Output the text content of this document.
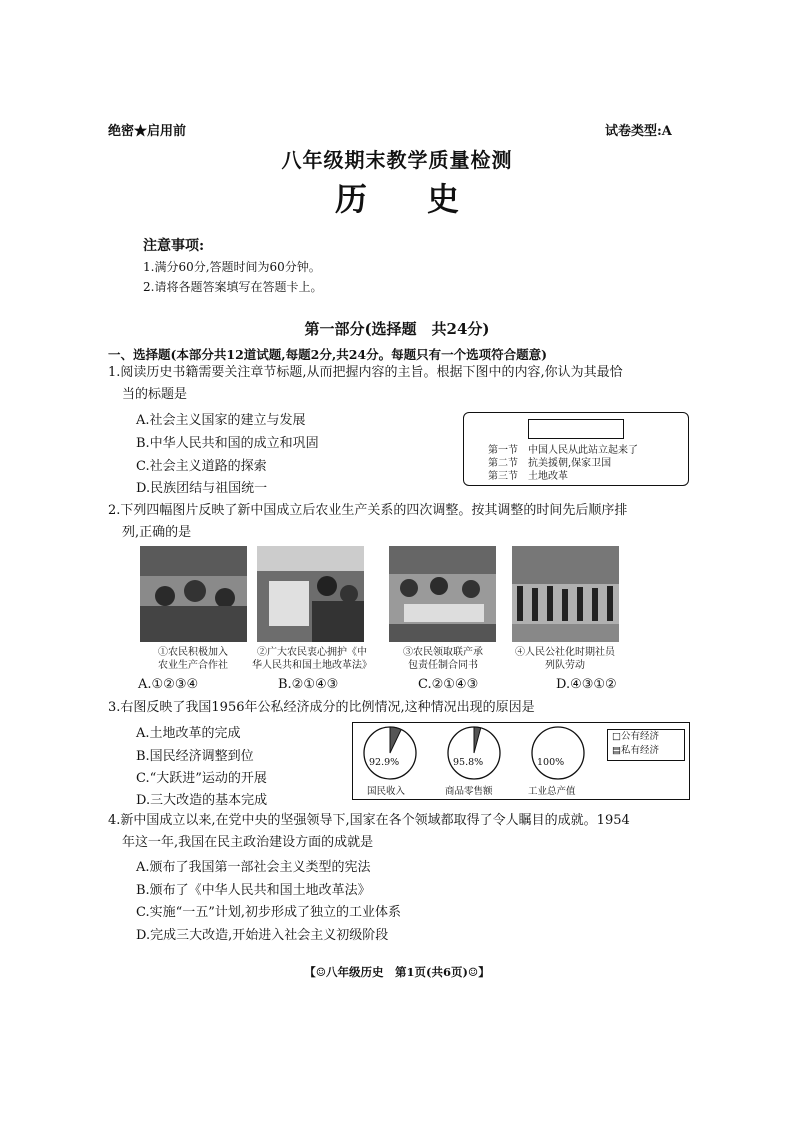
绝密★启用前	试卷类型:A
八年级期末教学质量检测
历史
注意事项:
1.满分60分,答题时间为60分钟。
2.请将各题答案填写在答题卡上。
第一部分(选择题　共24分)
一、选择题(本部分共12道试题,每题2分,共24分。每题只有一个选项符合题意)
1.阅读历史书籍需要关注章节标题,从而把握内容的主旨。根据下图中的内容,你认为其最恰
当的标题是
A.社会主义国家的建立与发展
B.中华人民共和国的成立和巩固
C.社会主义道路的探索
D.民族团结与祖国统一
第一节　 中国人民从此站立起来了
第二节　 抗美援朝,保家卫国
第三节　 土地改革
2.下列四幅图片反映了新中国成立后农业生产关系的四次调整。按其调整的时间先后顺序排
列,正确的是
①农民积极加入
农业生产合作社
②广大农民衷心拥护《中
华人民共和国土地改革法》
③农民领取联产承
包责任制合同书
④人民公社化时期社员
列队劳动
A.①②③④	B.②①④③	C.②①④③	D.④③①②
3.右图反映了我国1956年公私经济成分的比例情况,这种情况出现的原因是
A.土地改革的完成
B.国民经济调整到位
C.“大跃进”运动的开展
D.三大改造的基本完成
92.9%	95.8%	100%
国民收入	商品零售额	工业总产值
□公有经济
▤私有经济
4.新中国成立以来,在党中央的坚强领导下,国家在各个领域都取得了令人瞩目的成就。1954
年这一年,我国在民主政治建设方面的成就是
A.颁布了我国第一部社会主义类型的宪法
B.颁布了《中华人民共和国土地改革法》
C.实施“一五”计划,初步形成了独立的工业体系
D.完成三大改造,开始进入社会主义初级阶段
【☺八年级历史　第1页(共6页)☺】
